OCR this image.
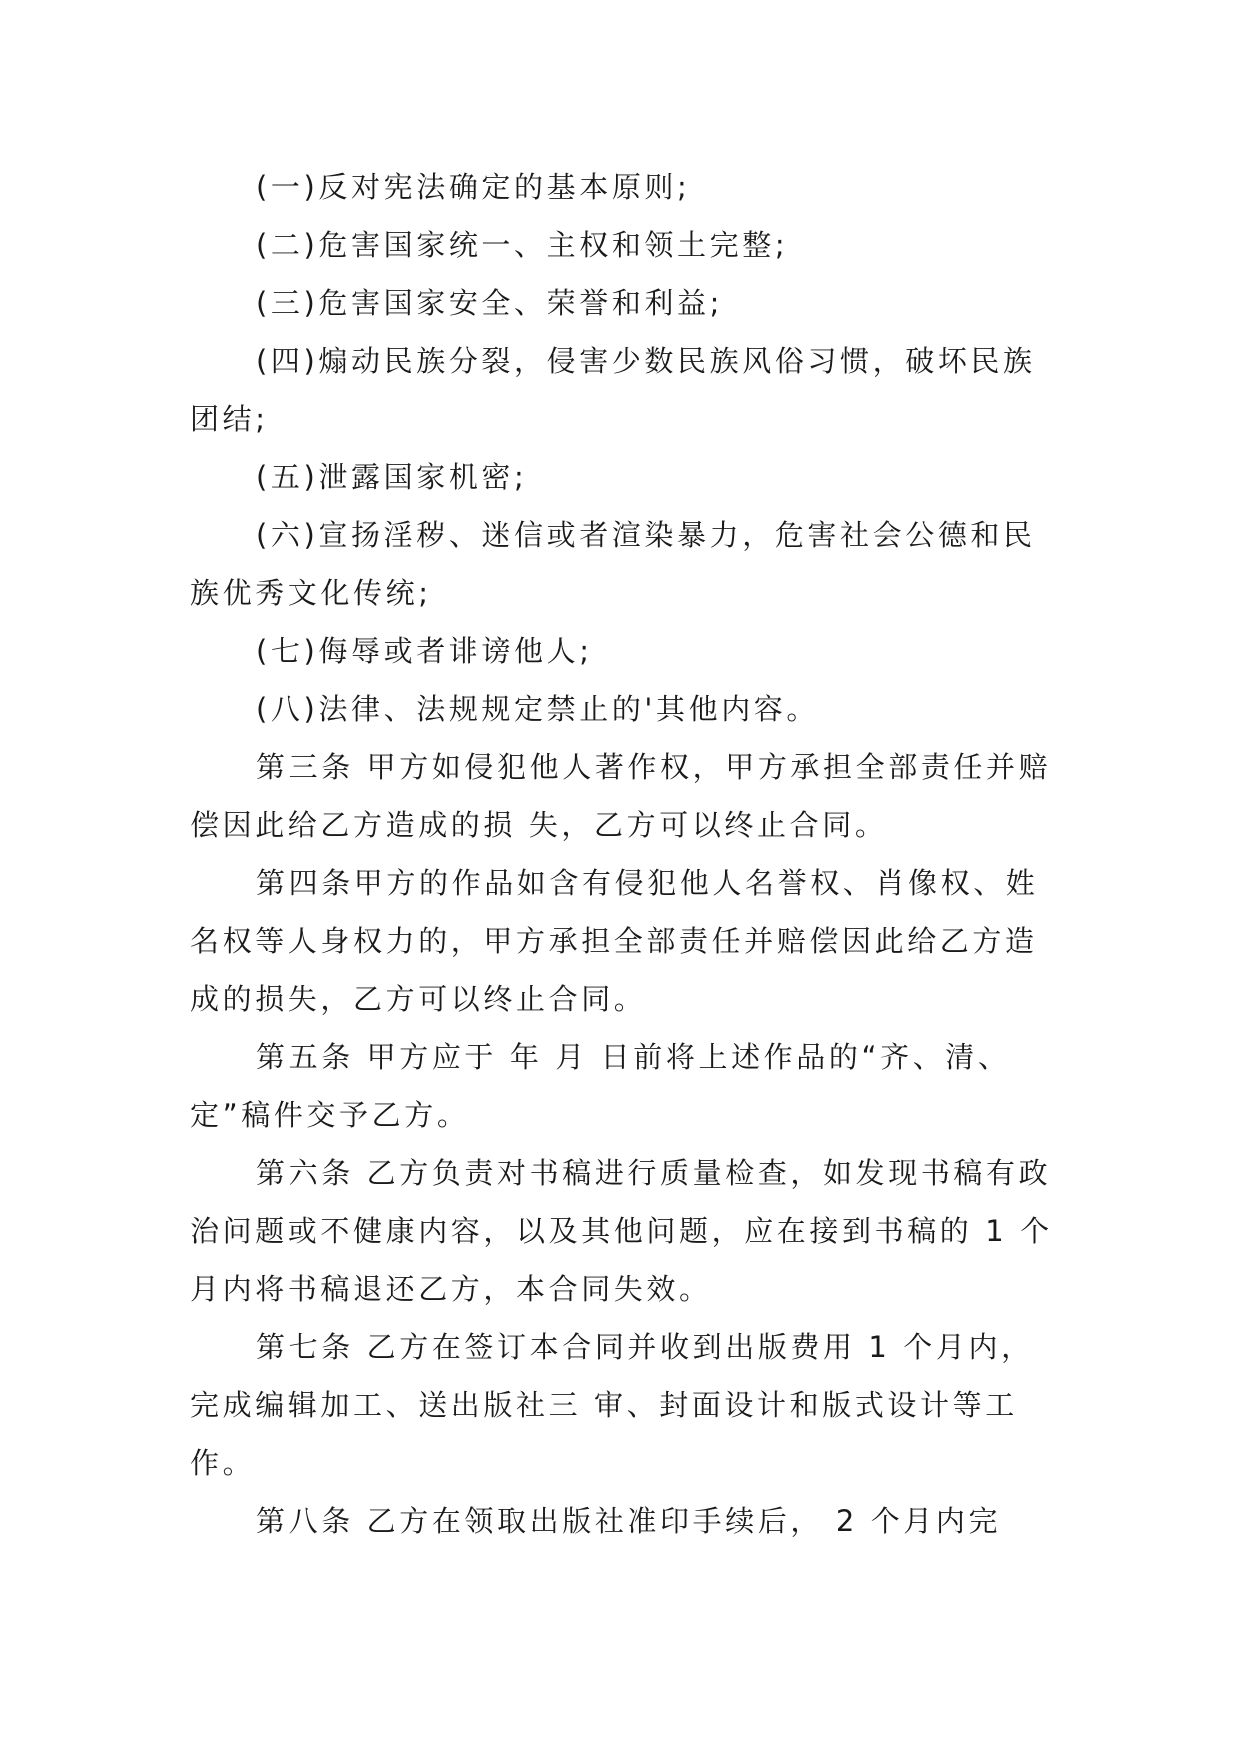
(一)反对宪法确定的基本原则;

(二)危害国家统一、主权和领土完整;

(三)危害国家安全、荣誉和利益;

(四)煽动民族分裂，侵害少数民族风俗习惯，破坏民族团结;

(五)泄露国家机密;

(六)宣扬淫秽、迷信或者渲染暴力，危害社会公德和民族优秀文化传统;

(七)侮辱或者诽谤他人;

(八)法律、法规规定禁止的'其他内容。

第三条 甲方如侵犯他人著作权，甲方承担全部责任并赔偿因此给乙方造成的损 失，乙方可以终止合同。

第四条甲方的作品如含有侵犯他人名誉权、肖像权、姓名权等人身权力的，甲方承担全部责任并赔偿因此给乙方造成的损失，乙方可以终止合同。

第五条 甲方应于 年 月 日前将上述作品的“齐、清、定”稿件交予乙方。

第六条 乙方负责对书稿进行质量检查，如发现书稿有政治问题或不健康内容，以及其他问题，应在接到书稿的 1 个月内将书稿退还乙方，本合同失效。

第七条 乙方在签订本合同并收到出版费用 1 个月内，完成编辑加工、送出版社三 审、封面设计和版式设计等工作。

第八条 乙方在领取出版社准印手续后， 2 个月内完
